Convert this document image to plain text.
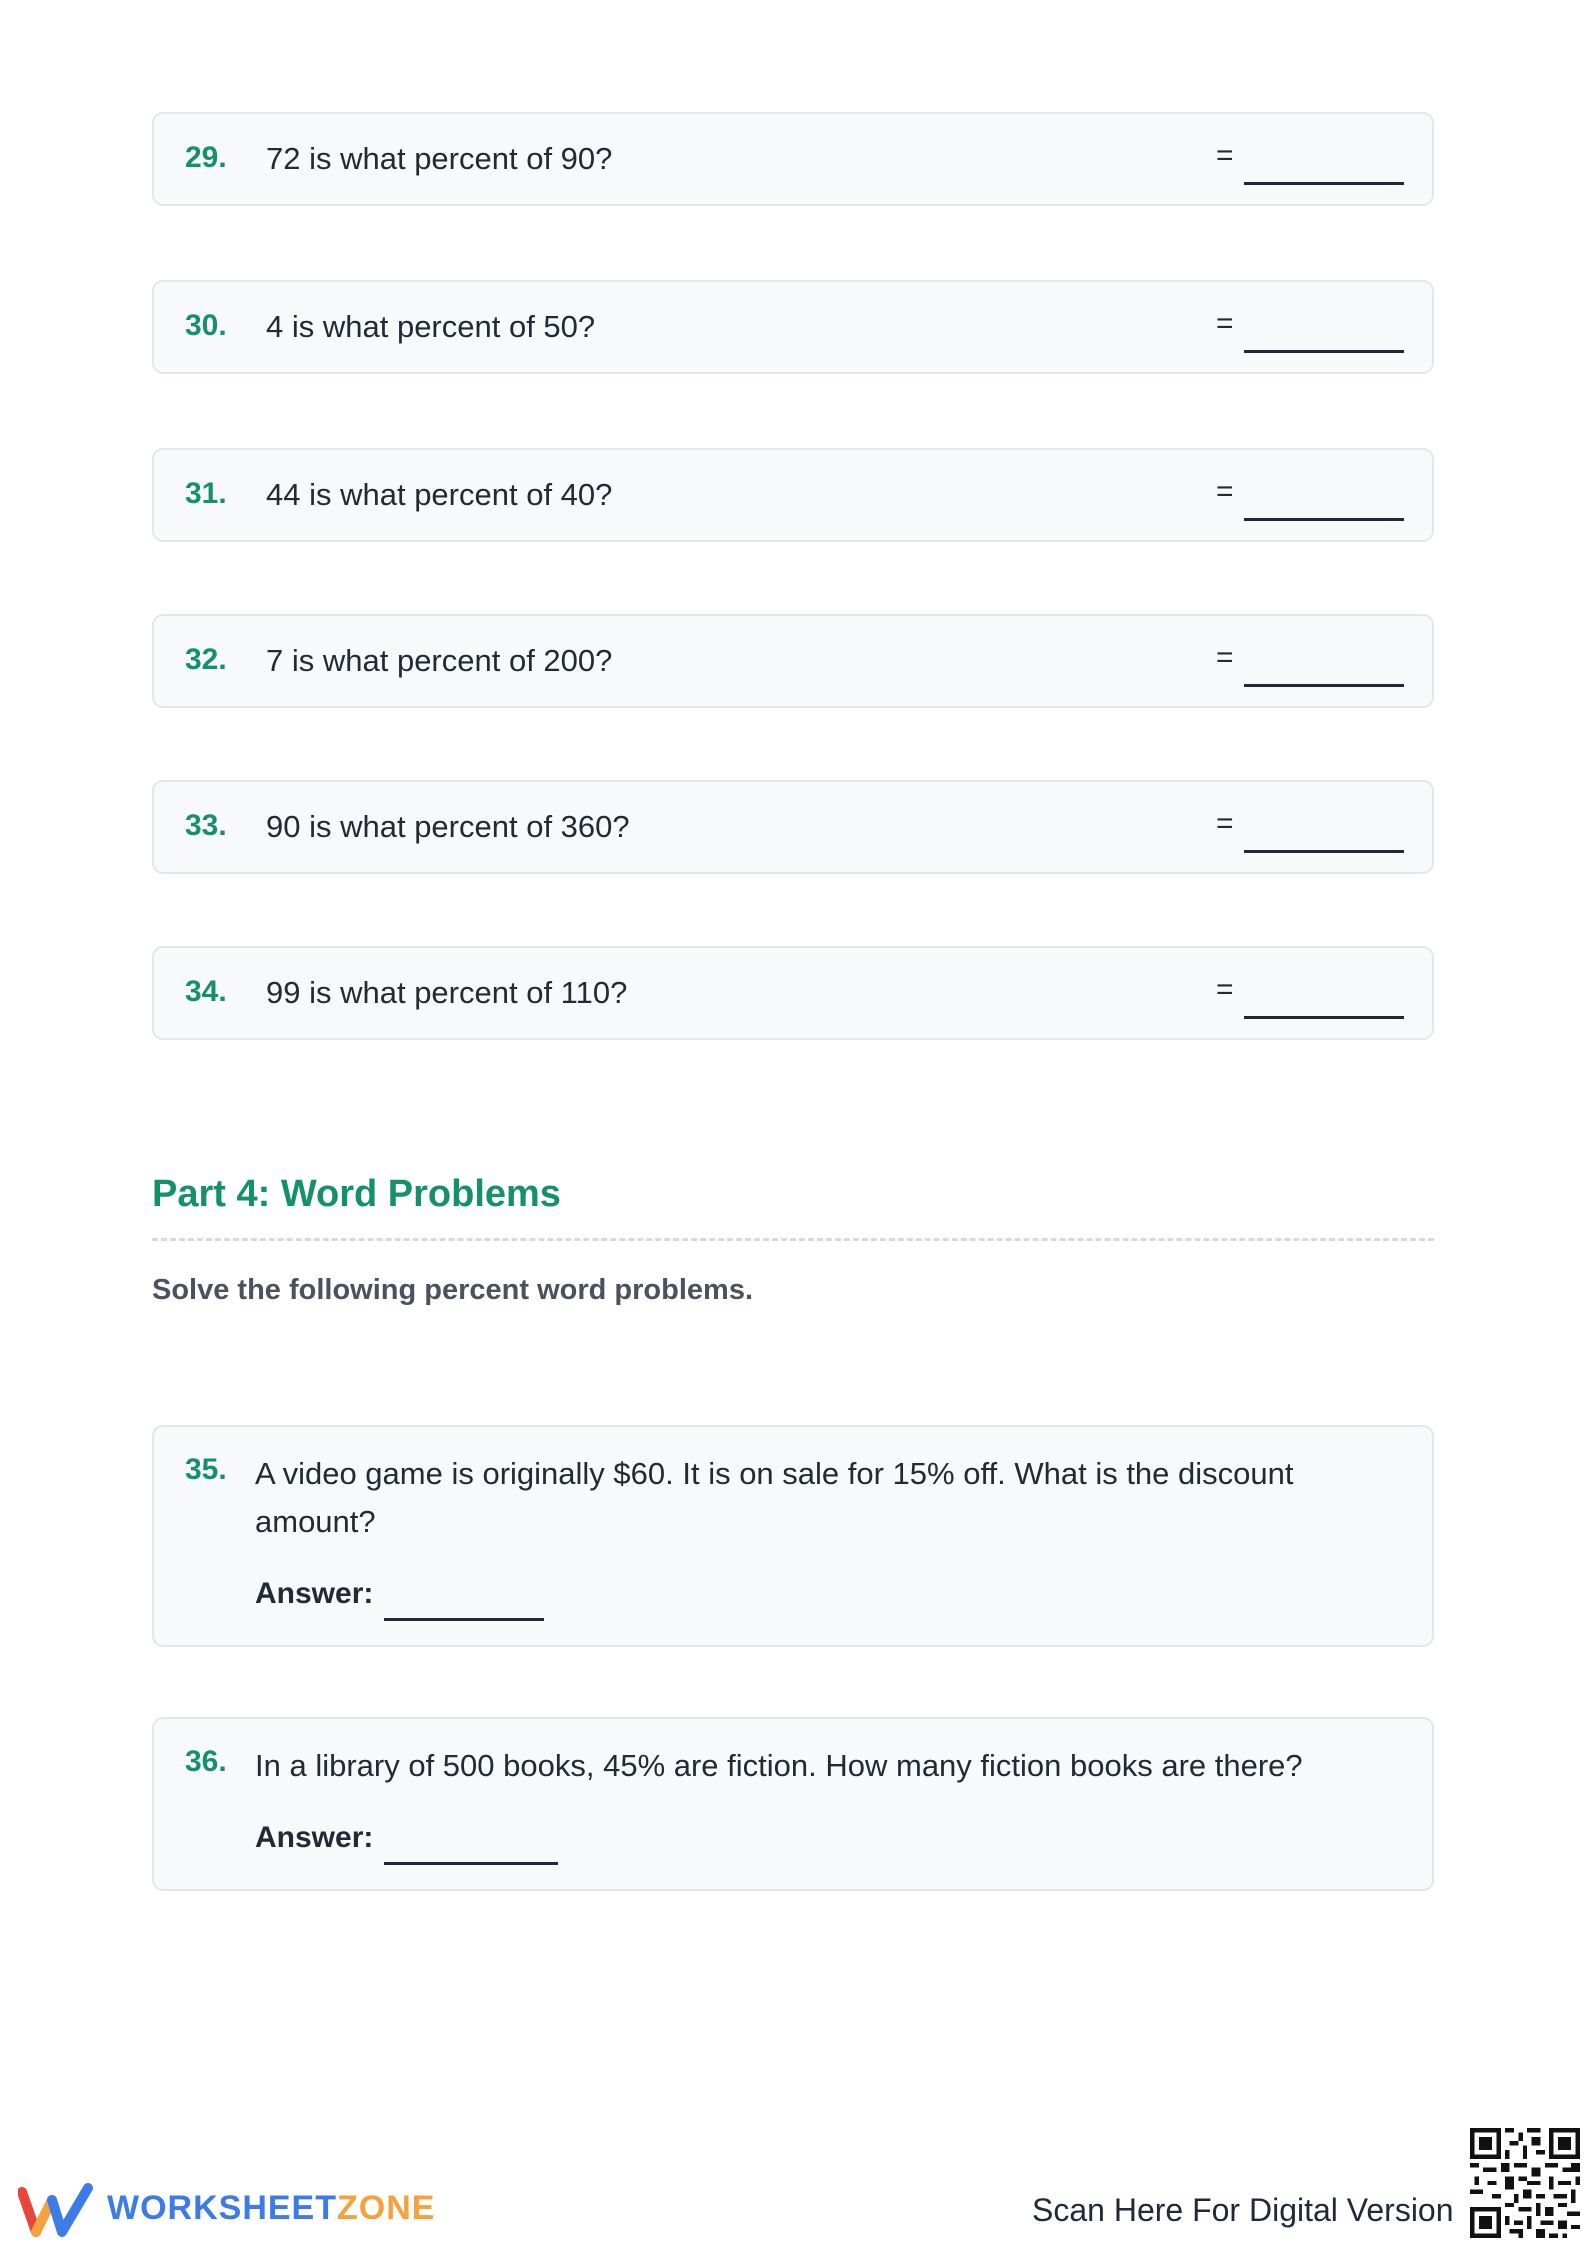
29. 72 is what percent of 90?	=
30. 4 is what percent of 50?	=
31. 44 is what percent of 40?	=
32. 7 is what percent of 200?	=
33. 90 is what percent of 360?	=
34. 99 is what percent of 110?	=
Part 4: Word Problems
Solve the following percent word problems.
35. A video game is originally $60. It is on sale for 15% off. What is the discount amount?
Answer:
36. In a library of 500 books, 45% are fiction. How many fiction books are there?
Answer:
WORKSHEETZONE	Scan Here For Digital Version
